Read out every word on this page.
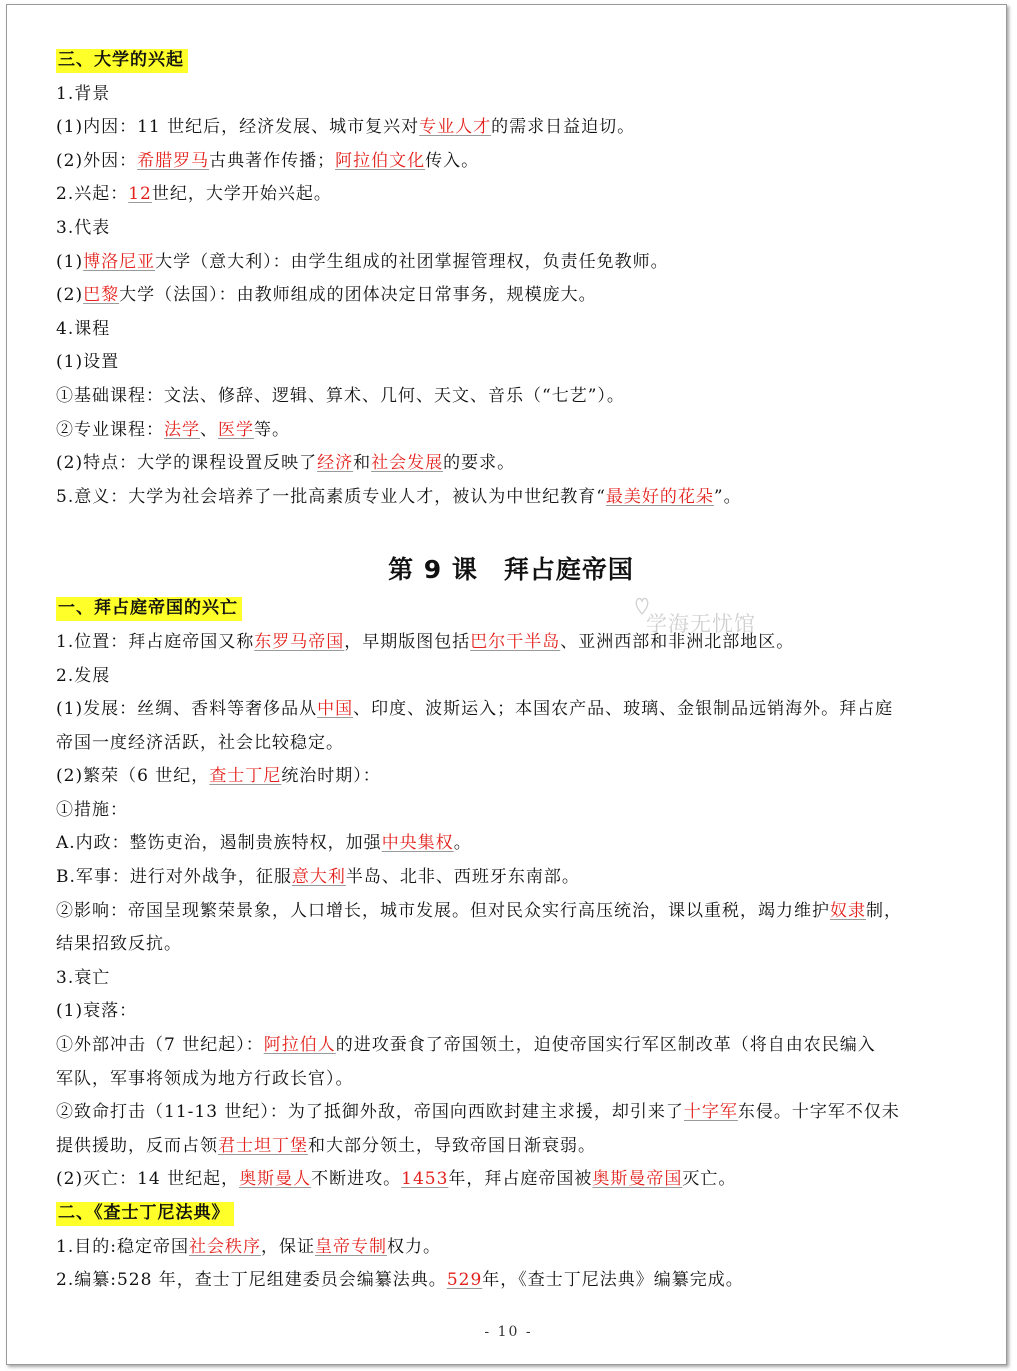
三、大学的兴起
1.背景
(1)内因：11 世纪后，经济发展、城市复兴对专业人才的需求日益迫切。
(2)外因：希腊罗马古典著作传播；阿拉伯文化传入。
2.兴起：12世纪，大学开始兴起。
3.代表
(1)博洛尼亚大学（意大利）：由学生组成的社团掌握管理权，负责任免教师。
(2)巴黎大学（法国）：由教师组成的团体决定日常事务，规模庞大。
4.课程
(1)设置
①基础课程：文法、修辞、逻辑、算术、几何、天文、音乐（“七艺”）。
②专业课程：法学、医学等。
(2)特点：大学的课程设置反映了经济和社会发展的要求。
5.意义：大学为社会培养了一批高素质专业人才，被认为中世纪教育“最美好的花朵”。
第 9 课 拜占庭帝国
一、拜占庭帝国的兴亡
1.位置：拜占庭帝国又称东罗马帝国，早期版图包括巴尔干半岛、亚洲西部和非洲北部地区。
2.发展
(1)发展：丝绸、香料等奢侈品从中国、印度、波斯运入；本国农产品、玻璃、金银制品远销海外。拜占庭
帝国一度经济活跃，社会比较稳定。
(2)繁荣（6 世纪，查士丁尼统治时期）：
①措施：
A.内政：整饬吏治，遏制贵族特权，加强中央集权。
B.军事：进行对外战争，征服意大利半岛、北非、西班牙东南部。
②影响：帝国呈现繁荣景象，人口增长，城市发展。但对民众实行高压统治，课以重税，竭力维护奴隶制，
结果招致反抗。
3.衰亡
(1)衰落：
①外部冲击（7 世纪起）：阿拉伯人的进攻蚕食了帝国领土，迫使帝国实行军区制改革（将自由农民编入
军队，军事将领成为地方行政长官）。
②致命打击（11-13 世纪）：为了抵御外敌，帝国向西欧封建主求援，却引来了十字军东侵。十字军不仅未
提供援助，反而占领君士坦丁堡和大部分领土，导致帝国日渐衰弱。
(2)灭亡：14 世纪起，奥斯曼人不断进攻。1453年，拜占庭帝国被奥斯曼帝国灭亡。
二、《查士丁尼法典》
1.目的:稳定帝国社会秩序，保证皇帝专制权力。
2.编纂:528 年，查士丁尼组建委员会编纂法典。529年，《查士丁尼法典》编纂完成。
学海无忧馆
- 10 -
